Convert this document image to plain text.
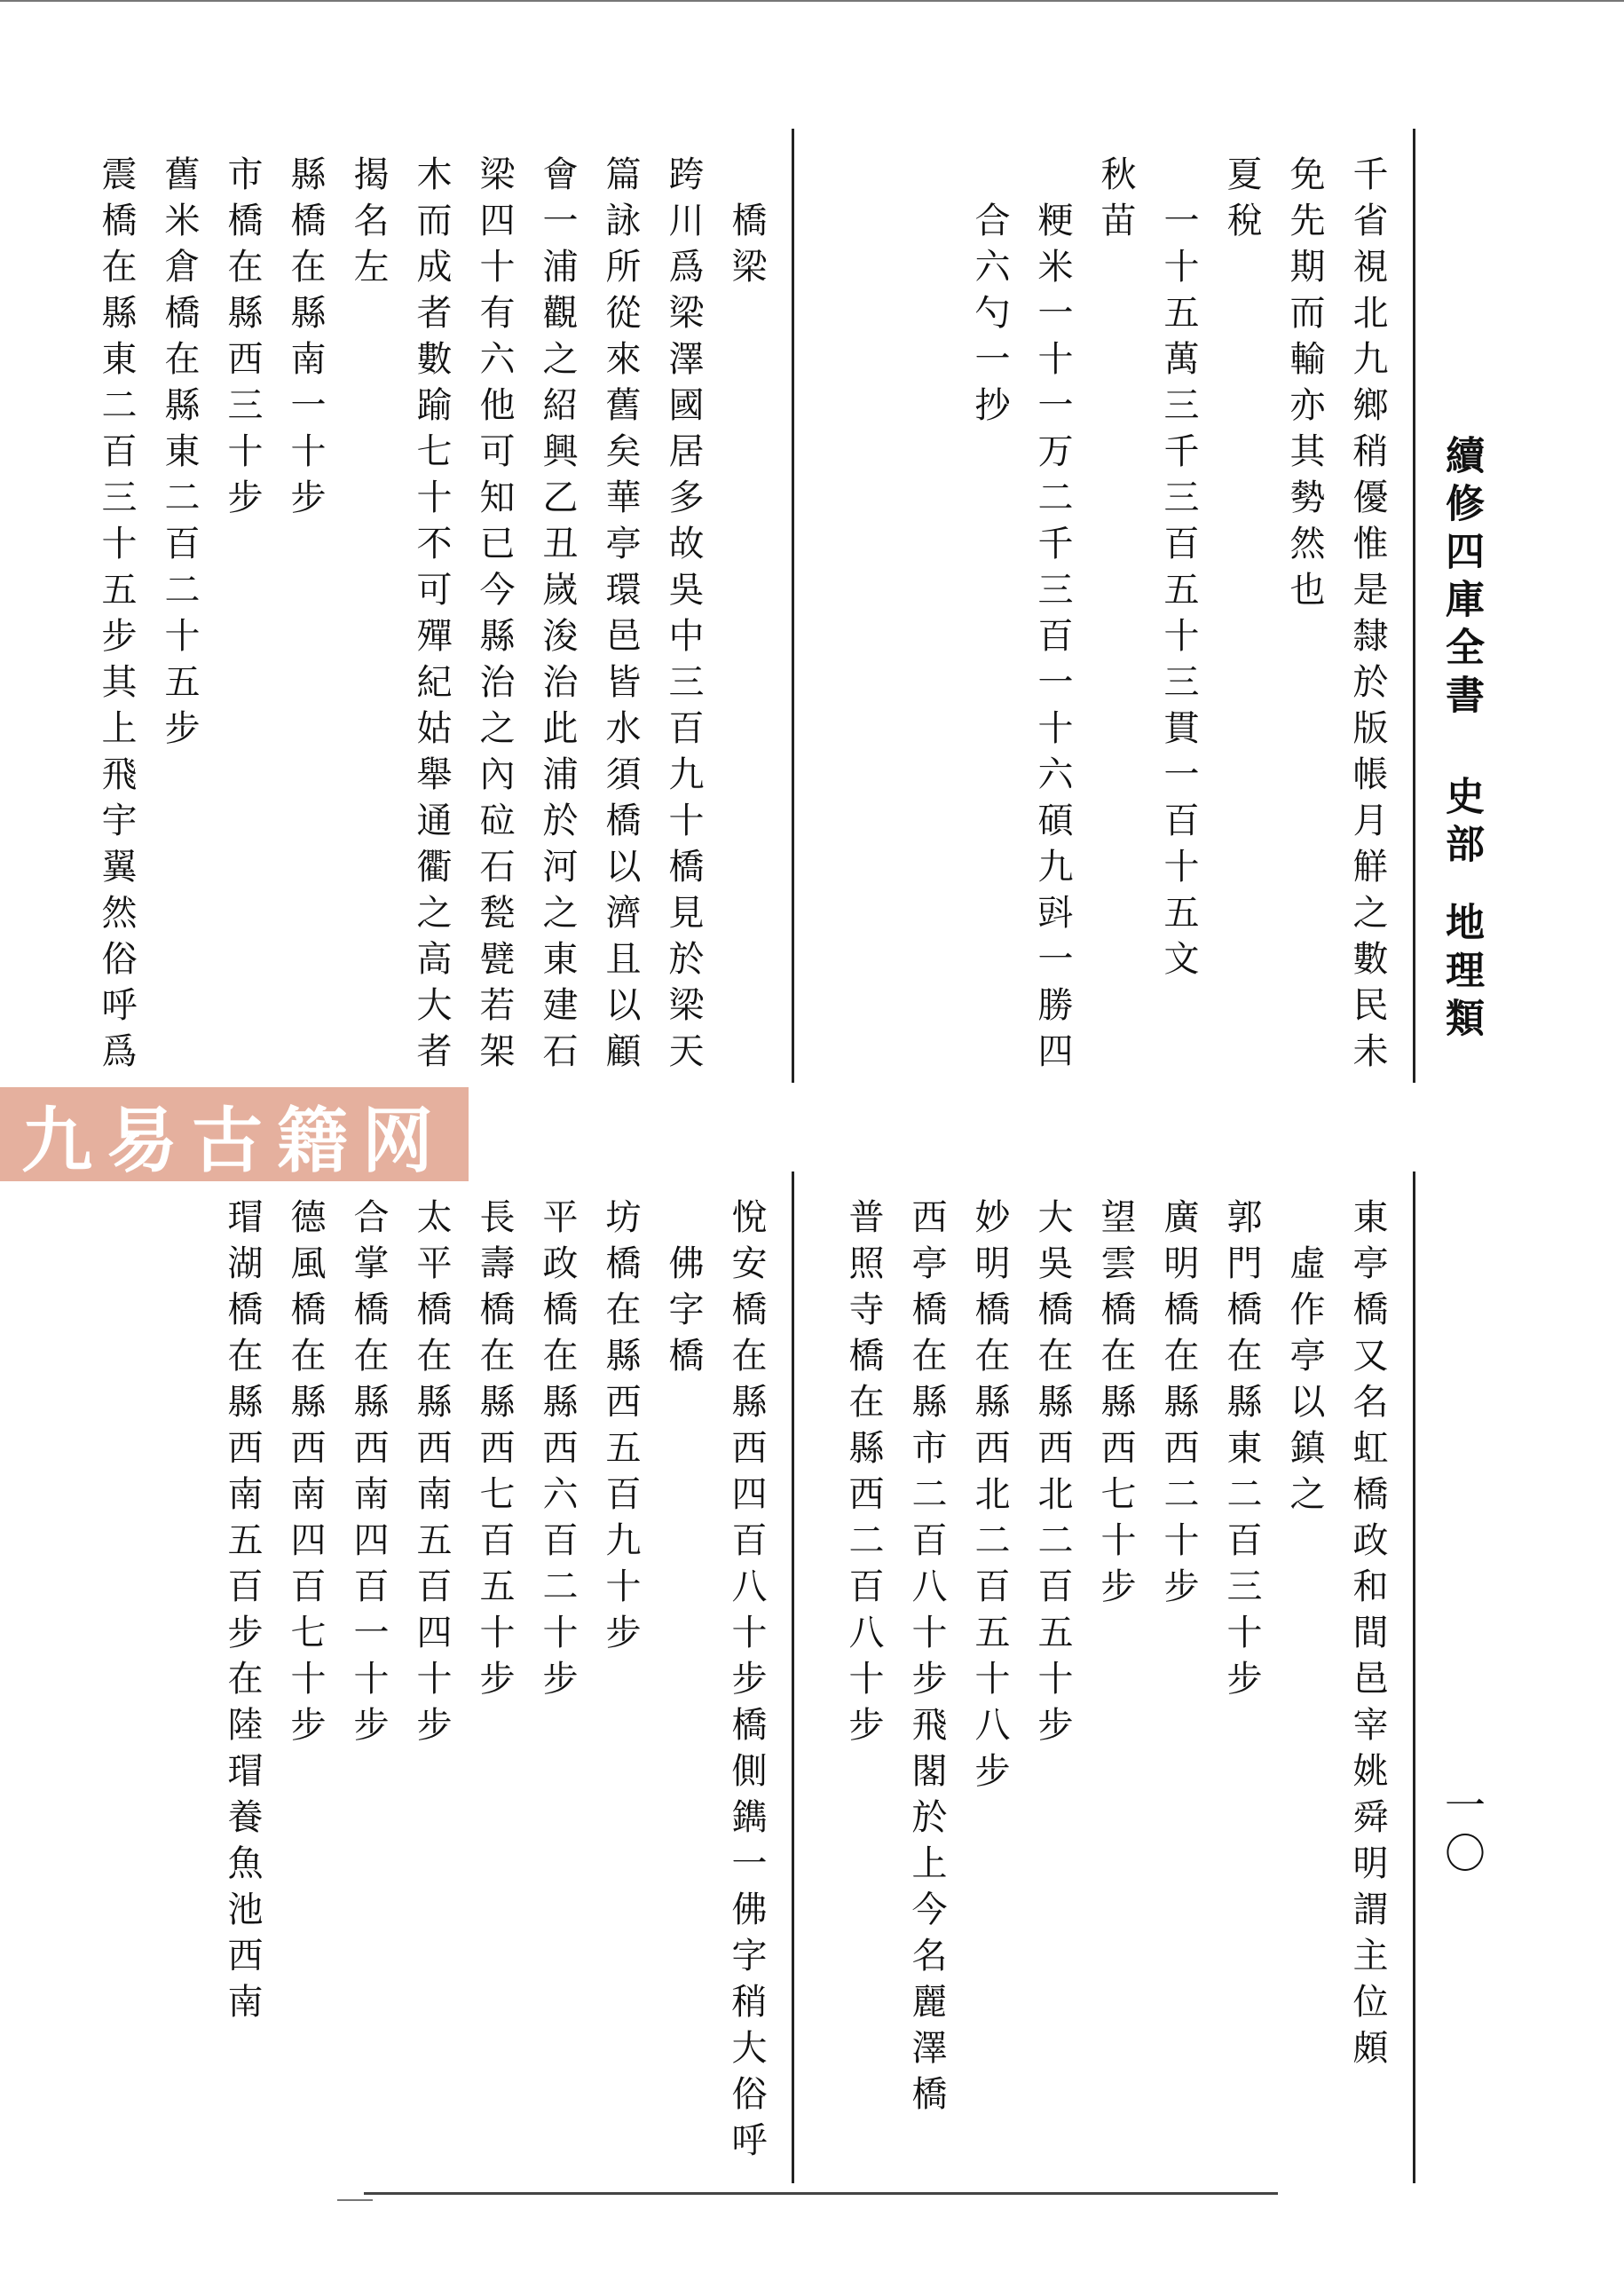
續修四庫全書史部地理類
一〇
千省視北九鄉稍優惟是隸於版帳月觧之數民未
免先期而輸亦其勢然也
夏稅
一十五萬三千三百五十三貫一百十五文
秋苗
粳米一十一万二千三百一十六碩九㪷一勝四
合六勺一抄
橋梁
跨川爲梁澤國居多故吳中三百九十橋見於梁天
篇詠所從來舊矣華亭環邑皆水須橋以濟且以顧
會一浦觀之紹興乙丑嵗浚治此浦於河之東建石
梁四十有六他可知已今縣治之內砬石甃甓若架
木而成者數踰七十不可殫紀姑舉通衢之高大者
揭名左
縣橋在縣南一十步
市橋在縣西三十步
舊米倉橋在縣東二百二十五步
震橋在縣東二百三十五步其上飛宇翼然俗呼爲
東亭橋又名虹橋政和間邑宰姚舜明謂主位頗
虛作亭以鎮之
郭門橋在縣東二百三十步
廣明橋在縣西二十步
望雲橋在縣西七十步
大吳橋在縣西北二百五十步
妙明橋在縣西北二百五十八步
西亭橋在縣市二百八十步飛閣於上今名麗澤橋
普照寺橋在縣西二百八十步
悅安橋在縣西四百八十步橋側鐫一佛字稍大俗呼
佛字橋
坊橋在縣西五百九十步
平政橋在縣西六百二十步
長壽橋在縣西七百五十步
太平橋在縣西南五百四十步
合掌橋在縣西南四百一十步
德風橋在縣西南四百七十步
瑁湖橋在縣西南五百步在陸瑁養魚池西南
九易古籍网
